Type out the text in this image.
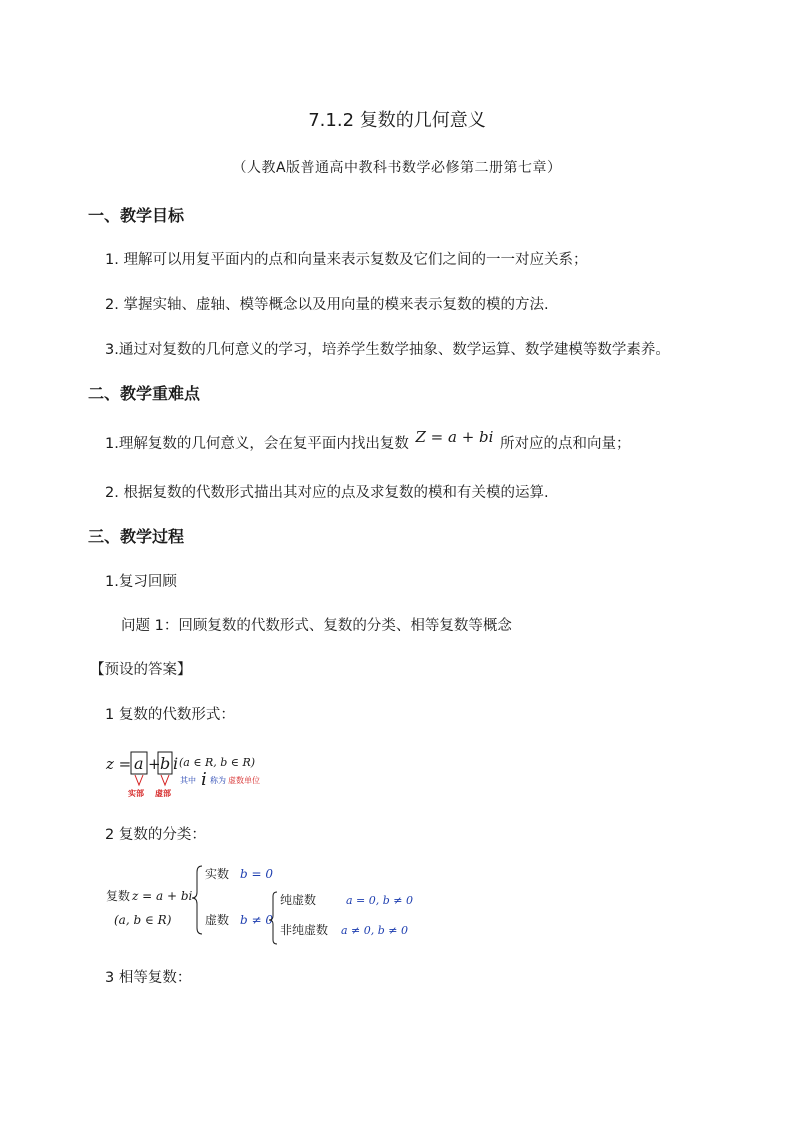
7.1.2 复数的几何意义
（人教A版普通高中教科书数学必修第二册第七章）
一、教学目标
1. 理解可以用复平面内的点和向量来表示复数及它们之间的一一对应关系；
2. 掌握实轴、虚轴、模等概念以及用向量的模来表示复数的模的方法.
3.通过对复数的几何意义的学习，培养学生数学抽象、数学运算、数学建模等数学素养。
二、教学重难点
1.理解复数的几何意义，会在复平面内找出复数 Z = a + bi 所对应的点和向量；
2. 根据复数的代数形式描出其对应的点及求复数的模和有关模的运算.
三、教学过程
1.复习回顾
问题 1：回顾复数的代数形式、复数的分类、相等复数等概念
【预设的答案】
1 复数的代数形式：
z = a + b i (a ∈ R, b ∈ R)
实部 虚部
其中 i 称为 虚数单位
2 复数的分类：
复数 z = a + bi
(a, b ∈ R)
实数 b = 0
虚数 b ≠ 0
纯虚数	a = 0, b ≠ 0
非纯虚数 a ≠ 0, b ≠ 0
3 相等复数：
